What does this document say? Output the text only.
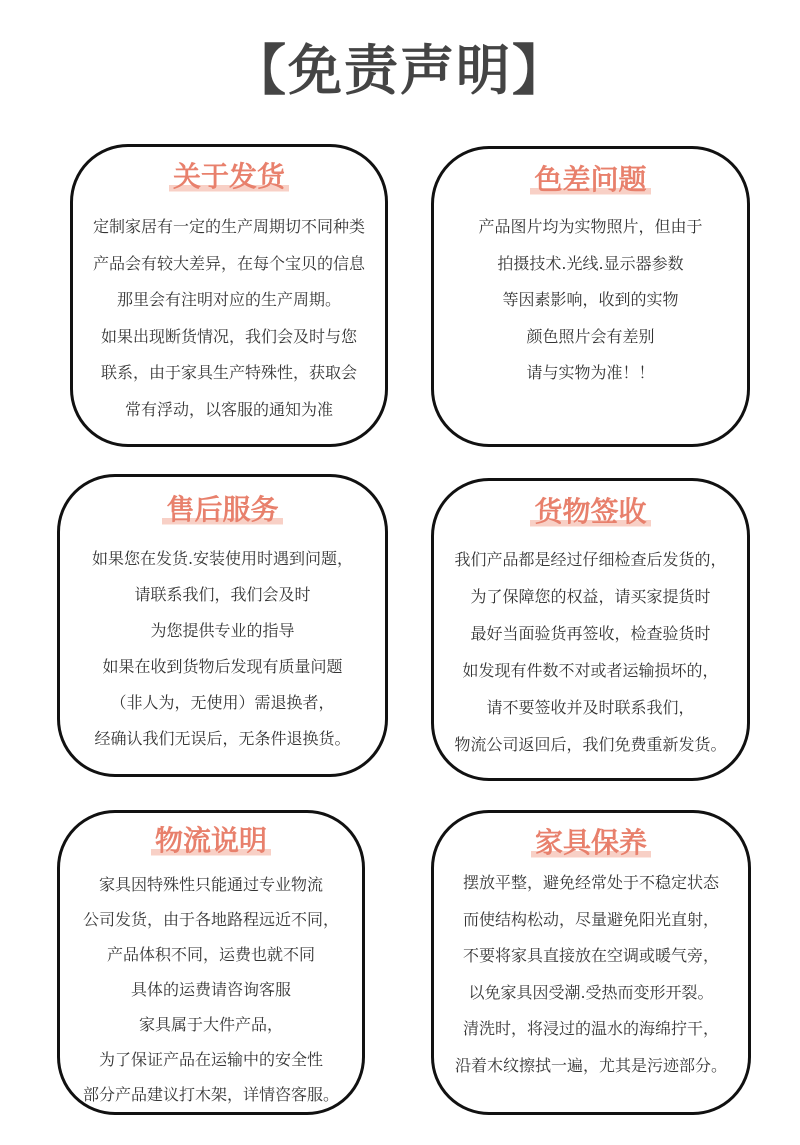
【免责声明】
关于发货
定制家居有一定的生产周期切不同种类
产品会有较大差异，在每个宝贝的信息
那里会有注明对应的生产周期。
如果出现断货情况，我们会及时与您
联系，由于家具生产特殊性，获取会
常有浮动，以客服的通知为准
色差问题
产品图片均为实物照片，但由于
拍摄技术.光线.显示器参数
等因素影响，收到的实物
颜色照片会有差别
请与实物为准！！
售后服务
如果您在发货.安装使用时遇到问题，
请联系我们，我们会及时
为您提供专业的指导
如果在收到货物后发现有质量问题
（非人为，无使用）需退换者，
经确认我们无误后，无条件退换货。
货物签收
我们产品都是经过仔细检查后发货的，
为了保障您的权益，请买家提货时
最好当面验货再签收，检查验货时
如发现有件数不对或者运输损坏的，
请不要签收并及时联系我们，
物流公司返回后，我们免费重新发货。
物流说明
家具因特殊性只能通过专业物流
公司发货，由于各地路程远近不同，
产品体积不同，运费也就不同
具体的运费请咨询客服
家具属于大件产品，
为了保证产品在运输中的安全性
部分产品建议打木架，详情咨客服。
家具保养
摆放平整，避免经常处于不稳定状态
而使结构松动，尽量避免阳光直射，
不要将家具直接放在空调或暖气旁，
以免家具因受潮.受热而变形开裂。
清洗时，将浸过的温水的海绵拧干，
沿着木纹擦拭一遍，尤其是污迹部分。
